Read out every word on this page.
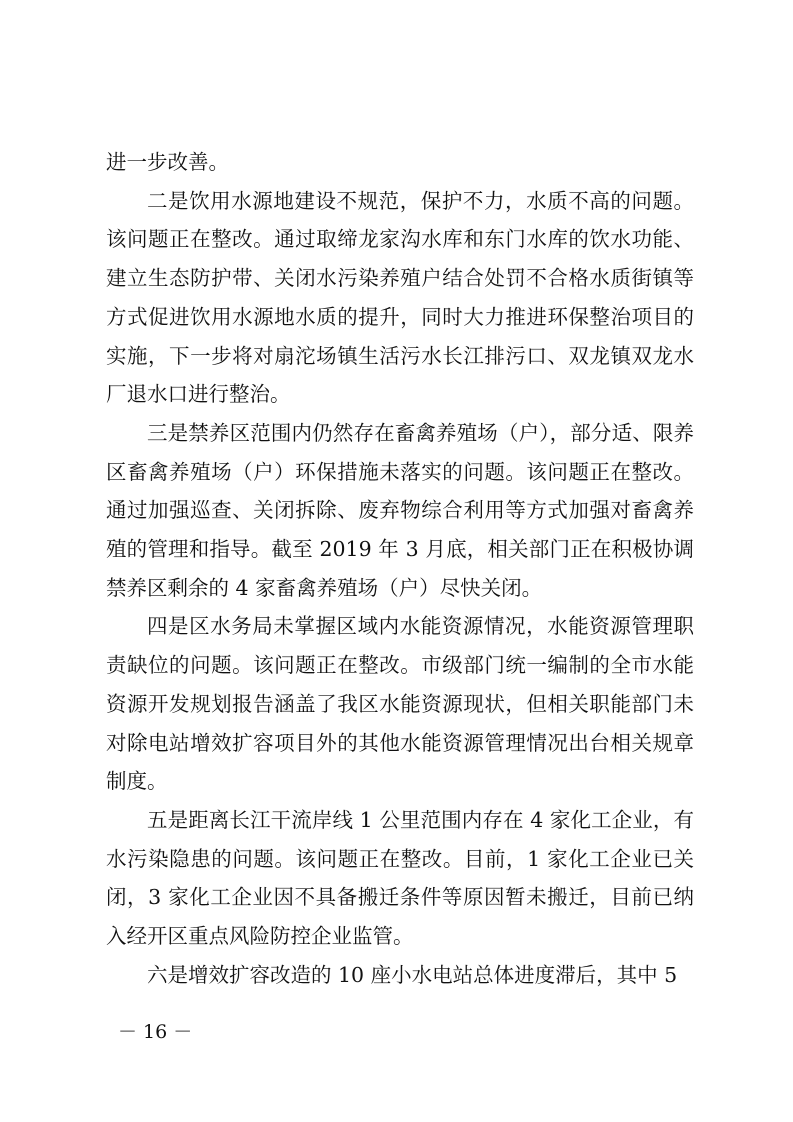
进一步改善。

二是饮用水源地建设不规范，保护不力，水质不高的问题。该问题正在整改。通过取缔龙家沟水库和东门水库的饮水功能、建立生态防护带、关闭水污染养殖户结合处罚不合格水质街镇等方式促进饮用水源地水质的提升，同时大力推进环保整治项目的实施，下一步将对扇沱场镇生活污水长江排污口、双龙镇双龙水厂退水口进行整治。

三是禁养区范围内仍然存在畜禽养殖场（户），部分适、限养区畜禽养殖场（户）环保措施未落实的问题。该问题正在整改。通过加强巡查、关闭拆除、废弃物综合利用等方式加强对畜禽养殖的管理和指导。截至 2019 年 3 月底，相关部门正在积极协调禁养区剩余的 4 家畜禽养殖场（户）尽快关闭。

四是区水务局未掌握区域内水能资源情况，水能资源管理职责缺位的问题。该问题正在整改。市级部门统一编制的全市水能资源开发规划报告涵盖了我区水能资源现状，但相关职能部门未对除电站增效扩容项目外的其他水能资源管理情况出台相关规章制度。

五是距离长江干流岸线 1 公里范围内存在 4 家化工企业，有水污染隐患的问题。该问题正在整改。目前，1 家化工企业已关闭，3 家化工企业因不具备搬迁条件等原因暂未搬迁，目前已纳入经开区重点风险防控企业监管。

六是增效扩容改造的 10 座小水电站总体进度滞后，其中 5

－ 16 －
